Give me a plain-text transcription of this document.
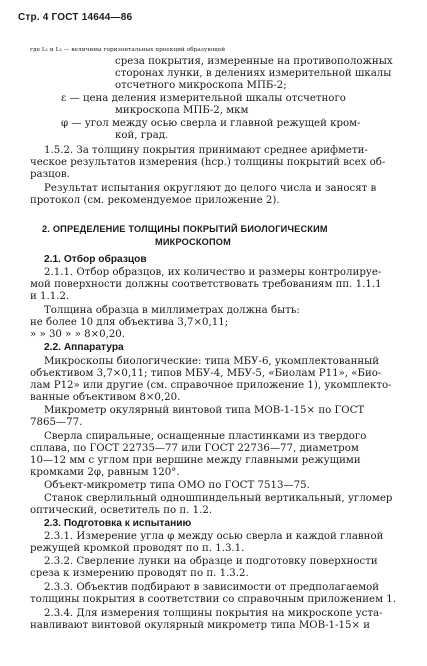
Стр. 4 ГОСТ 14644—86
где L₁ и L₂ — величины горизонтальных проекций образующей
среза покрытия, измеренные на противоположных
сторонах лунки, в делениях измерительной шкалы
отсчетного микроскопа МПБ-2;
ε — цена деления измерительной шкалы отсчетного
микроскопа МПБ-2, мкм
φ — угол между осью сверла и главной режущей кром-
кой, град.
1.5.2. За толщину покрытия принимают среднее арифмети-
ческое результатов измерения (hср.) толщины покрытий всех об-
разцов.
Результат испытания округляют до целого числа и заносят в
протокол (см. рекомендуемое приложение 2).
2. ОПРЕДЕЛЕНИЕ ТОЛЩИНЫ ПОКРЫТИЙ БИОЛОГИЧЕСКИМ
МИКРОСКОПОМ
2.1. Отбор образцов
2.1.1. Отбор образцов, их количество и размеры контролируе-
мой поверхности должны соответствовать требованиям пп. 1.1.1
и 1.1.2.
Толщина образца в миллиметрах должна быть:
не более 10 для объектива 3,7×0,11;
» » 30 » » 8×0,20.
2.2. Аппаратура
Микроскопы биологические: типа МБУ-6, укомплектованный
объективом 3,7×0,11; типов МБУ-4, МБУ-5, «Биолам Р11», «Био-
лам Р12» или другие (см. справочное приложение 1), укомплекто-
ванные объективом 8×0,20.
Микрометр окулярный винтовой типа МОВ-1-15× по ГОСТ
7865—77.
Сверла спиральные, оснащенные пластинками из твердого
сплава, по ГОСТ 22735—77 или ГОСТ 22736—77, диаметром
10—12 мм с углом при вершине между главными режущими
кромками 2φ, равным 120°.
Объект-микрометр типа ОМО по ГОСТ 7513—75.
Станок сверлильный одношпиндельный вертикальный, угломер
оптический, осветитель по п. 1.2.
2.3. Подготовка к испытанию
2.3.1. Измерение угла φ между осью сверла и каждой главной
режущей кромкой проводят по п. 1.3.1.
2.3.2. Сверление лунки на образце и подготовку поверхности
среза к измерению проводят по п. 1.3.2.
2.3.3. Объектив подбирают в зависимости от предполагаемой
толщины покрытия в соответствии со справочным приложением 1.
2.3.4. Для измерения толщины покрытия на микроскопе уста-
навливают винтовой окулярный микрометр типа МОВ-1-15× и
